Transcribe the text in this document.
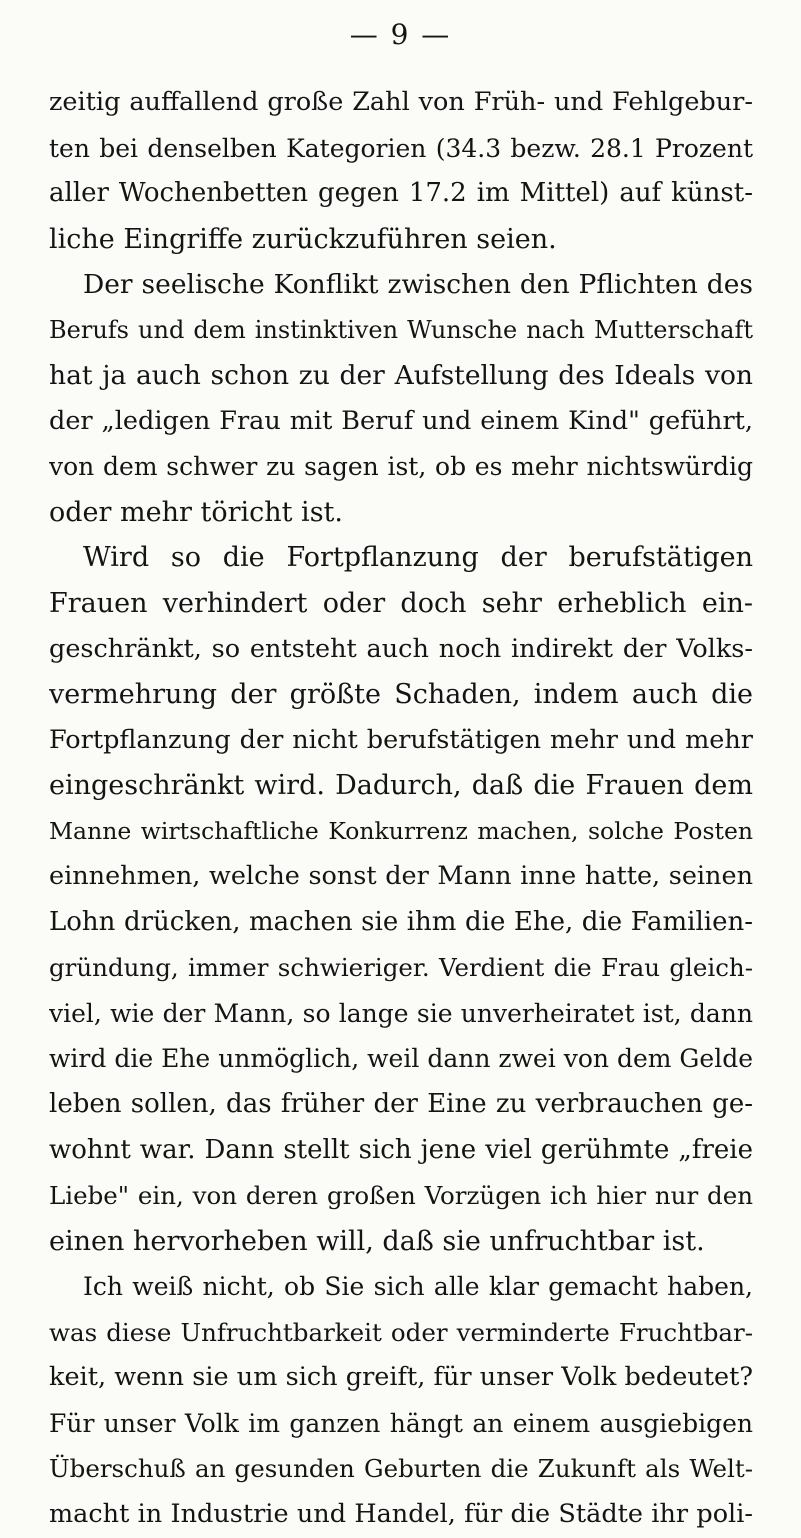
— 9 —
zeitig auffallend große Zahl von Früh- und Fehlgebur-
ten bei denselben Kategorien (34.3 bezw. 28.1 Prozent
aller Wochenbetten gegen 17.2 im Mittel) auf künst-
liche Eingriffe zurückzuführen seien.
Der seelische Konflikt zwischen den Pflichten des
Berufs und dem instinktiven Wunsche nach Mutterschaft
hat ja auch schon zu der Aufstellung des Ideals von
der „ledigen Frau mit Beruf und einem Kind" geführt,
von dem schwer zu sagen ist, ob es mehr nichtswürdig
oder mehr töricht ist.
Wird so die Fortpflanzung der berufstätigen
Frauen verhindert oder doch sehr erheblich ein-
geschränkt, so entsteht auch noch indirekt der Volks-
vermehrung der größte Schaden, indem auch die
Fortpflanzung der nicht berufstätigen mehr und mehr
eingeschränkt wird. Dadurch, daß die Frauen dem
Manne wirtschaftliche Konkurrenz machen, solche Posten
einnehmen, welche sonst der Mann inne hatte, seinen
Lohn drücken, machen sie ihm die Ehe, die Familien-
gründung, immer schwieriger. Verdient die Frau gleich-
viel, wie der Mann, so lange sie unverheiratet ist, dann
wird die Ehe unmöglich, weil dann zwei von dem Gelde
leben sollen, das früher der Eine zu verbrauchen ge-
wohnt war. Dann stellt sich jene viel gerühmte „freie
Liebe" ein, von deren großen Vorzügen ich hier nur den
einen hervorheben will, daß sie unfruchtbar ist.
Ich weiß nicht, ob Sie sich alle klar gemacht haben,
was diese Unfruchtbarkeit oder verminderte Fruchtbar-
keit, wenn sie um sich greift, für unser Volk bedeutet?
Für unser Volk im ganzen hängt an einem ausgiebigen
Überschuß an gesunden Geburten die Zukunft als Welt-
macht in Industrie und Handel, für die Städte ihr poli-
